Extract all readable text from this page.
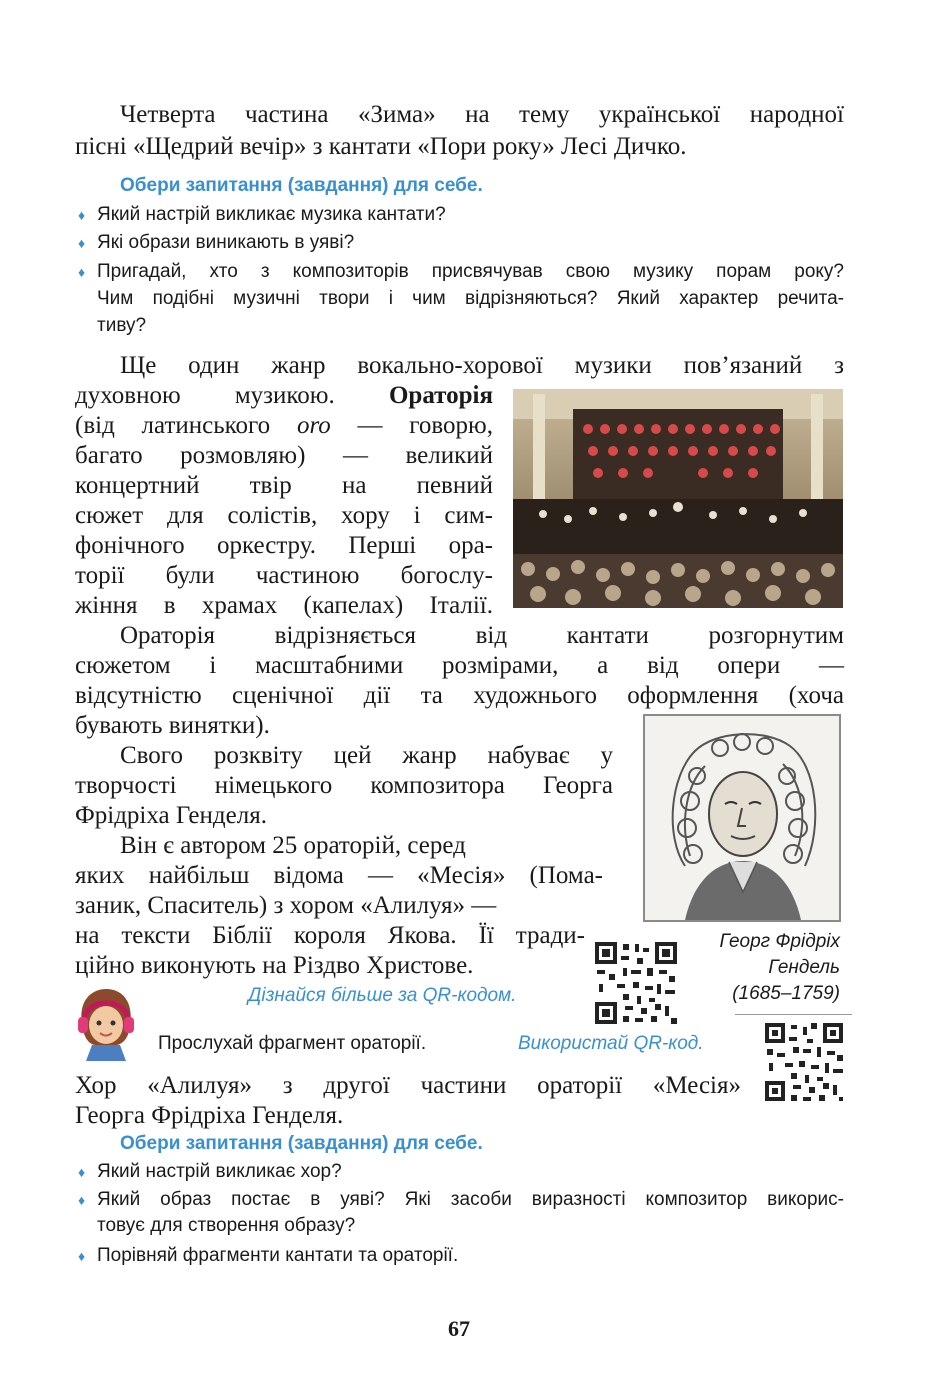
Четверта частина «Зима» на тему української народної
пісні «Щедрий вечір» з кантати «Пори року» Лесі Дичко.
Обери запитання (завдання) для себе.
♦ Який настрій викликає музика кантати?
♦ Які образи виникають в уяві?
♦ Пригадай, хто з композиторів присвячував свою музику порам року?
Чим подібні музичні твори і чим відрізняються? Який характер речита-
тиву?
Ще один жанр вокально-хорової музики пов’язаний з
духовною музикою. Ораторія
(від латинського oro — говорю,
багато розмовляю) — великий
концертний твір на певний
сюжет для солістів, хору і сим-
фонічного оркестру. Перші ора-
торії були частиною богослу-
жіння в храмах (капелах) Італії.
Ораторія відрізняється від кантати розгорнутим
сюжетом і масштабними розмірами, а від опери —
відсутністю сценічної дії та художнього оформлення (хоча
бувають винятки).
Свого розквіту цей жанр набуває у
творчості німецького композитора Георга
Фрідріха Генделя.
Він є автором 25 ораторій, серед
яких найбільш відома — «Месія» (Пома-
заник, Спаситель) з хором «Алилуя» —
на тексти Біблії короля Якова. Її тради-
ційно виконують на Різдво Христове.
Георг Фрідріх
Гендель
(1685–1759)
Дізнайся більше за QR-кодом.
Прослухай фрагмент ораторії.	Використай QR-код.
Хор «Алилуя» з другої частини ораторії «Месія»
Георга Фрідріха Генделя.
Обери запитання (завдання) для себе.
♦ Який настрій викликає хор?
♦ Який образ постає в уяві? Які засоби виразності композитор викорис-
товує для створення образу?
♦ Порівняй фрагменти кантати та ораторії.
67
